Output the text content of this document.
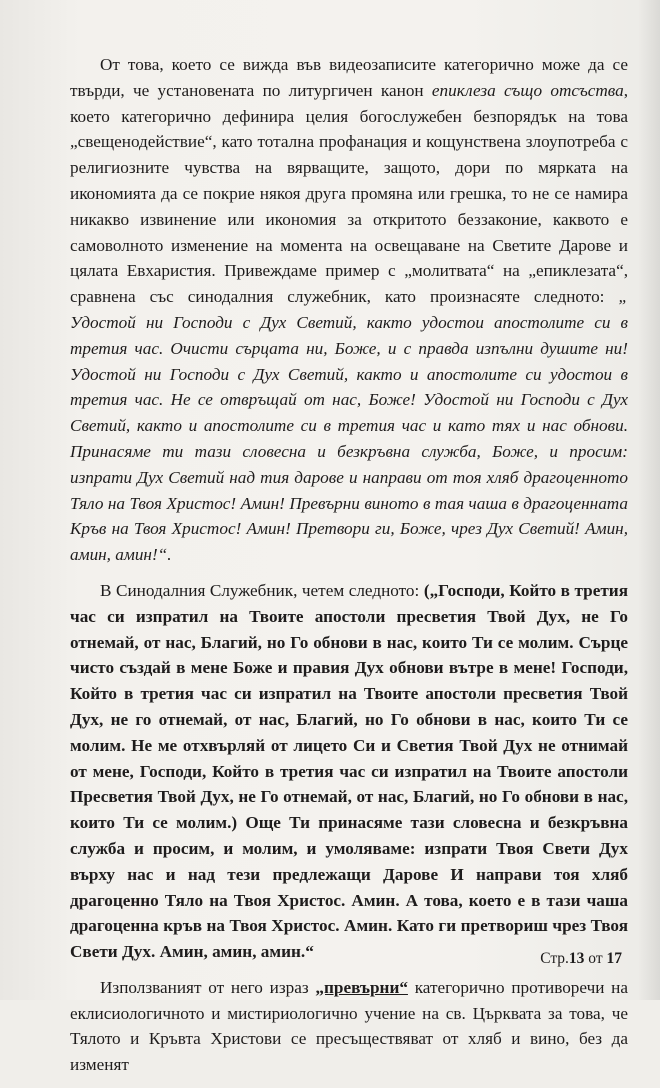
От това, което се вижда във видеозаписите категорично може да се твърди, че установената по литургичен канон епиклеза също отсъства, което категорично дефинира целия богослужебен безпорядък на това „свещенодействие“, като тотална профанация и кощунствена злоупотреба с религиозните чувства на вярващите, защото, дори по мярката на икономията да се покрие някоя друга промяна или грешка, то не се намира никакво извинение или икономия за откритото беззаконие, каквото е самоволното изменение на момента на освещаване на Светите Дарове и цялата Евхаристия. Привеждаме пример с „молитвата“ на „епиклезата“, сравнена със синодалния служебник, като произнасяте следното: „ Удостой ни Господи с Дух Светий, както удостои апостолите си в третия час. Очисти сърцата ни, Боже, и с правда изпълни душите ни! Удостой ни Господи с Дух Светий, както и апостолите си удостои в третия час. Не се отвръщай от нас, Боже! Удостой ни Господи с Дух Светий, както и апостолите си в третия час и като тях и нас обнови. Принасяме ти тази словесна и безкръвна служба, Боже, и просим: изпрати Дух Светий над тия дарове и направи от тоя хляб драгоценното Тяло на Твоя Христос! Амин! Превърни виното в тая чаша в драгоценната Кръв на Твоя Христос! Амин! Претвори ги, Боже, чрез Дух Светий! Амин, амин, амин!“.

В Синодалния Служебник, четем следното: („Господи, Който в третия час си изпратил на Твоите апостоли пресветия Твой Дух, не Го отнемай, от нас, Благий, но Го обнови в нас, които Ти се молим. Сърце чисто създай в мене Боже и правия Дух обнови вътре в мене! Господи, Който в третия час си изпратил на Твоите апостоли пресветия Твой Дух, не го отнемай, от нас, Благий, но Го обнови в нас, които Ти се молим. Не ме отхвърляй от лицето Си и Светия Твой Дух не отнимай от мене, Господи, Който в третия час си изпратил на Твоите апостоли Пресветия Твой Дух, не Го отнемай, от нас, Благий, но Го обнови в нас, които Ти се молим.) Още Ти принасяме тази словесна и безкръвна служба и просим, и молим, и умоляваме: изпрати Твоя Свети Дух върху нас и над тези предлежащи Дарове И направи тоя хляб драгоценно Тяло на Твоя Христос. Амин. А това, което е в тази чаша драгоценна кръв на Твоя Христос. Амин. Като ги претвориш чрез Твоя Свети Дух. Амин, амин, амин.“

Използваният от него израз „превърни“ категорично противоречи на еклисиологичното и мистириологично учение на св. Църквата за това, че Тялото и Кръвта Христови се пресъществяват от хляб и вино, без да изменят

Стр.13 от 17
